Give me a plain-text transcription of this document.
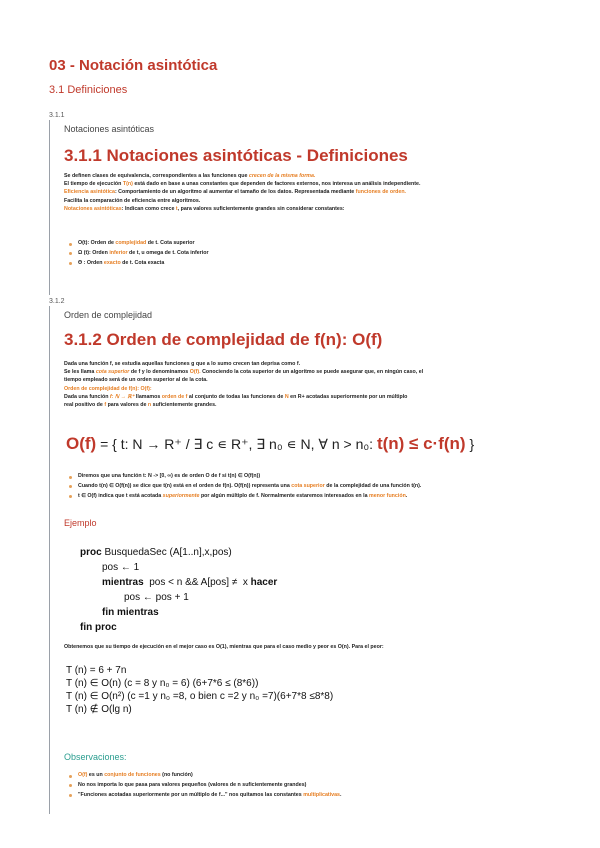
03 - Notación asintótica
3.1 Definiciones
3.1.1
Notaciones asintóticas
3.1.1 Notaciones asintóticas - Definiciones

Se definen clases de equivalencia, correspondientes a las funciones que crecen de la misma forma.

El tiempo de ejecución T(n) está dado en base a unas constantes que dependen de factores externos, nos interesa un análisis independiente.

Eficiencia asintótica: Comportamiento de un algoritmo al aumentar el tamaño de los datos. Representada mediante funciones de orden.

Facilita la comparación de eficiencia entre algoritmos.

Notaciones asintóticas: Indican como crece t, para valores suficientemente grandes sin considerar constantes:

O(t): Orden de complejidad de t. Cota superior
Ω (t): Orden inferior de t, u omega de t. Cota inferior
Θ : Orden exacto de t. Cota exacta
3.1.2
Orden de complejidad
3.1.2 Orden de complejidad de f(n): O(f)

Dada una función f, se estudia aquellas funciones g que a lo sumo crecen tan deprisa como f.

Se les llama cota superior de f y lo denominamos O(f). Conociendo la cota superior de un algoritmo se puede asegurar que, en ningún caso, el

tiempo empleado será de un orden superior al de la cota.

Orden de complejidad de f(n): O(f):

Dada una función f: ℕ → ℝ⁺ llamamos orden de f al conjunto de todas las funciones de N en R+ acotadas superiormente por un múltiplo

real positivo de f para valores de n suficientemente grandes.

O(f) = { t: N → R⁺ / ∃ c ∊ R⁺, ∃ n₀ ∊ N, ∀ n > n₀: t(n) ≤ c·f(n) }
Diremos que una función t: N -> [0, ∞) es de orden O de f si t(n) ∈ O(f(n))
Cuando t(n) ∈ O(f(n)) se dice que t(n) está en el orden de f(n). O(f(n)) representa una cota superior de la complejidad de una función t(n).
t ∈ O(f) indica que t está acotada superiormente por algún múltiplo de f. Normalmente estaremos interesados en la menor función.
Ejemplo
proc BusquedaSec (A[1..n],x,pos)
pos ← 1
mientras  pos < n && A[pos] ≠  x hacer
pos ← pos + 1
fin mientras
fin proc
Obtenemos que su tiempo de ejecución en el mejor caso es O(1), mientras que para el caso medio y peor es O(n). Para el peor:
T (n) = 6 + 7n
T (n) ∈ O(n) (c = 8 y n₀ = 6) (6+7*6 ≤ (8*6))
T (n) ∈ O(n²) (c =1 y n₀ =8, o bien c =2 y n₀ =7)(6+7*8 ≤8*8)
T (n) ∉ O(lg n)
Observaciones:
O(f) es un conjunto de funciones (no función)
No nos importa lo que pasa para valores pequeños (valores de n suficientemente grandes)
"Funciones acotadas superiormente por un múltiplo de f..." nos quitamos las constantes multiplicativas.
